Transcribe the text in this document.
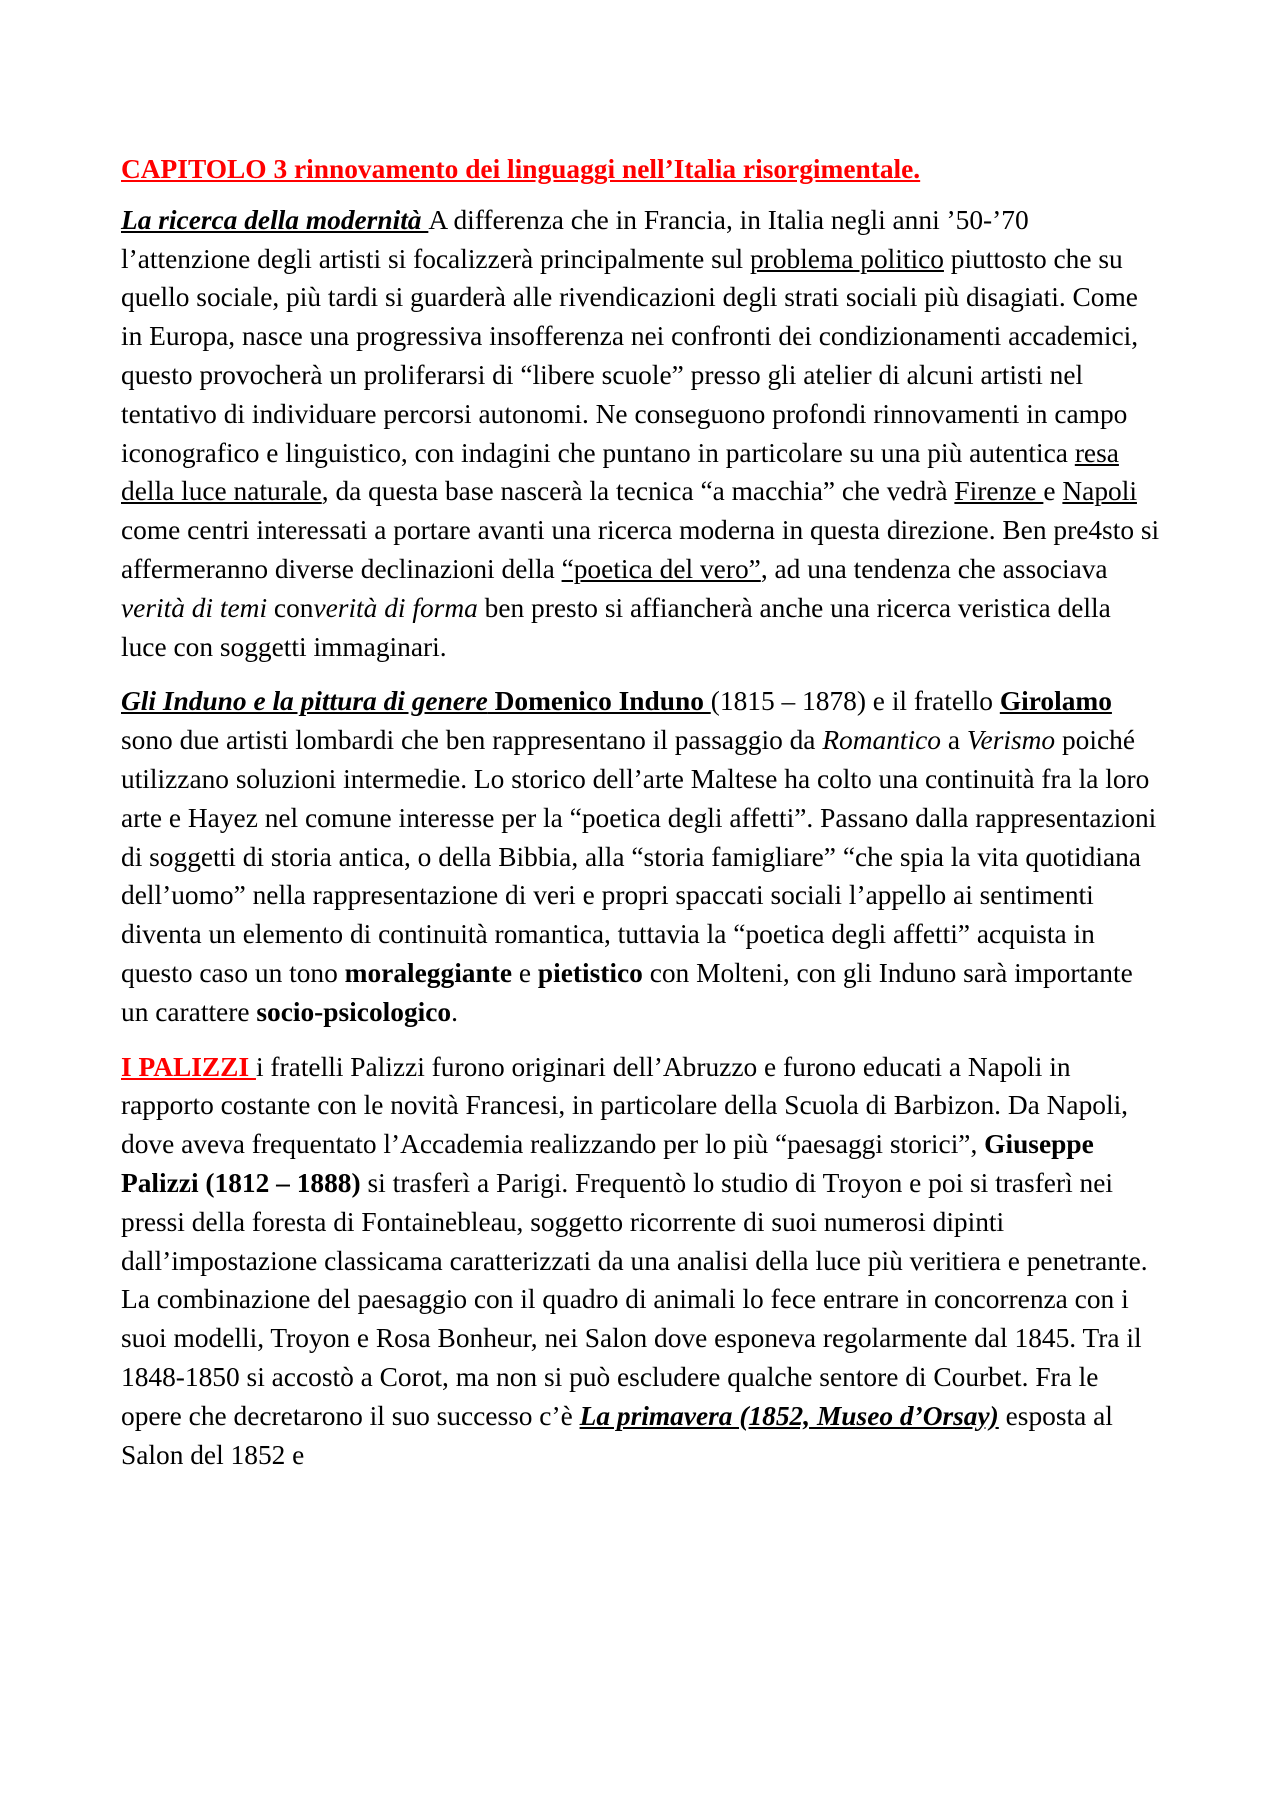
CAPITOLO 3 rinnovamento dei linguaggi nell’Italia risorgimentale.

La ricerca della modernità A differenza che in Francia, in Italia negli anni ’50-’70 l’attenzione degli artisti si focalizzerà principalmente sul problema politico piuttosto che su quello sociale, più tardi si guarderà alle rivendicazioni degli strati sociali più disagiati. Come in Europa, nasce una progressiva insofferenza nei confronti dei condizionamenti accademici, questo provocherà un proliferarsi di “libere scuole” presso gli atelier di alcuni artisti nel tentativo di individuare percorsi autonomi. Ne conseguono profondi rinnovamenti in campo iconografico e linguistico, con indagini che puntano in particolare su una più autentica resa della luce naturale, da questa base nascerà la tecnica “a macchia” che vedrà Firenze e Napoli come centri interessati a portare avanti una ricerca moderna in questa direzione. Ben pre4sto si affermeranno diverse declinazioni della “poetica del vero”, ad una tendenza che associava verità di temi converità di forma ben presto si affiancherà anche una ricerca veristica della luce con soggetti immaginari.

Gli Induno e la pittura di genere Domenico Induno (1815 – 1878) e il fratello Girolamo sono due artisti lombardi che ben rappresentano il passaggio da Romantico a Verismo poiché utilizzano soluzioni intermedie. Lo storico dell’arte Maltese ha colto una continuità fra la loro arte e Hayez nel comune interesse per la “poetica degli affetti”. Passano dalla rappresentazioni di soggetti di storia antica, o della Bibbia, alla “storia famigliare” “che spia la vita quotidiana dell’uomo” nella rappresentazione di veri e propri spaccati sociali l’appello ai sentimenti diventa un elemento di continuità romantica, tuttavia la “poetica degli affetti” acquista in questo caso un tono moraleggiante e pietistico con Molteni, con gli Induno sarà importante un carattere socio-psicologico.

I PALIZZI i fratelli Palizzi furono originari dell’Abruzzo e furono educati a Napoli in rapporto costante con le novità Francesi, in particolare della Scuola di Barbizon. Da Napoli, dove aveva frequentato l’Accademia realizzando per lo più “paesaggi storici”, Giuseppe Palizzi (1812 – 1888) si trasferì a Parigi. Frequentò lo studio di Troyon e poi si trasferì nei pressi della foresta di Fontainebleau, soggetto ricorrente di suoi numerosi dipinti dall’impostazione classicama caratterizzati da una analisi della luce più veritiera e penetrante. La combinazione del paesaggio con il quadro di animali lo fece entrare in concorrenza con i suoi modelli, Troyon e Rosa Bonheur, nei Salon dove esponeva regolarmente dal 1845. Tra il 1848-1850 si accostò a Corot, ma non si può escludere qualche sentore di Courbet. Fra le opere che decretarono il suo successo c’è La primavera (1852, Museo d’Orsay) esposta al Salon del 1852 e
